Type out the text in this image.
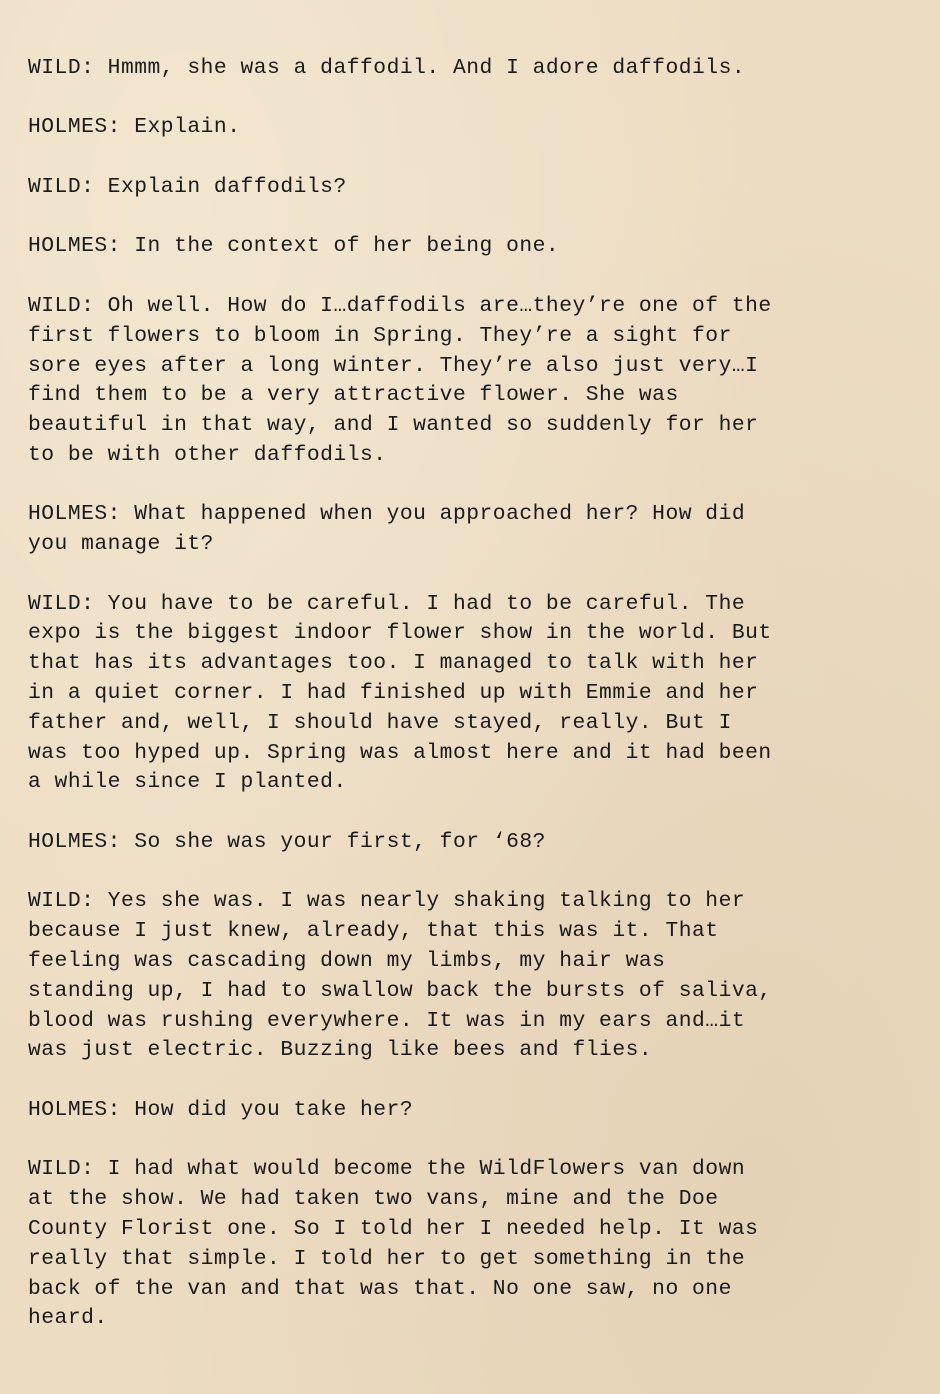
WILD: Hmmm, she was a daffodil. And I adore daffodils.

HOLMES: Explain.

WILD: Explain daffodils?

HOLMES: In the context of her being one.

WILD: Oh well. How do I…daffodils are…they’re one of the
first flowers to bloom in Spring. They’re a sight for
sore eyes after a long winter. They’re also just very…I
find them to be a very attractive flower. She was
beautiful in that way, and I wanted so suddenly for her
to be with other daffodils.

HOLMES: What happened when you approached her? How did
you manage it?

WILD: You have to be careful. I had to be careful. The
expo is the biggest indoor flower show in the world. But
that has its advantages too. I managed to talk with her
in a quiet corner. I had finished up with Emmie and her
father and, well, I should have stayed, really. But I
was too hyped up. Spring was almost here and it had been
a while since I planted.

HOLMES: So she was your first, for ‘68?

WILD: Yes she was. I was nearly shaking talking to her
because I just knew, already, that this was it. That
feeling was cascading down my limbs, my hair was
standing up, I had to swallow back the bursts of saliva,
blood was rushing everywhere. It was in my ears and…it
was just electric. Buzzing like bees and flies.

HOLMES: How did you take her?

WILD: I had what would become the WildFlowers van down
at the show. We had taken two vans, mine and the Doe
County Florist one. So I told her I needed help. It was
really that simple. I told her to get something in the
back of the van and that was that. No one saw, no one
heard.
